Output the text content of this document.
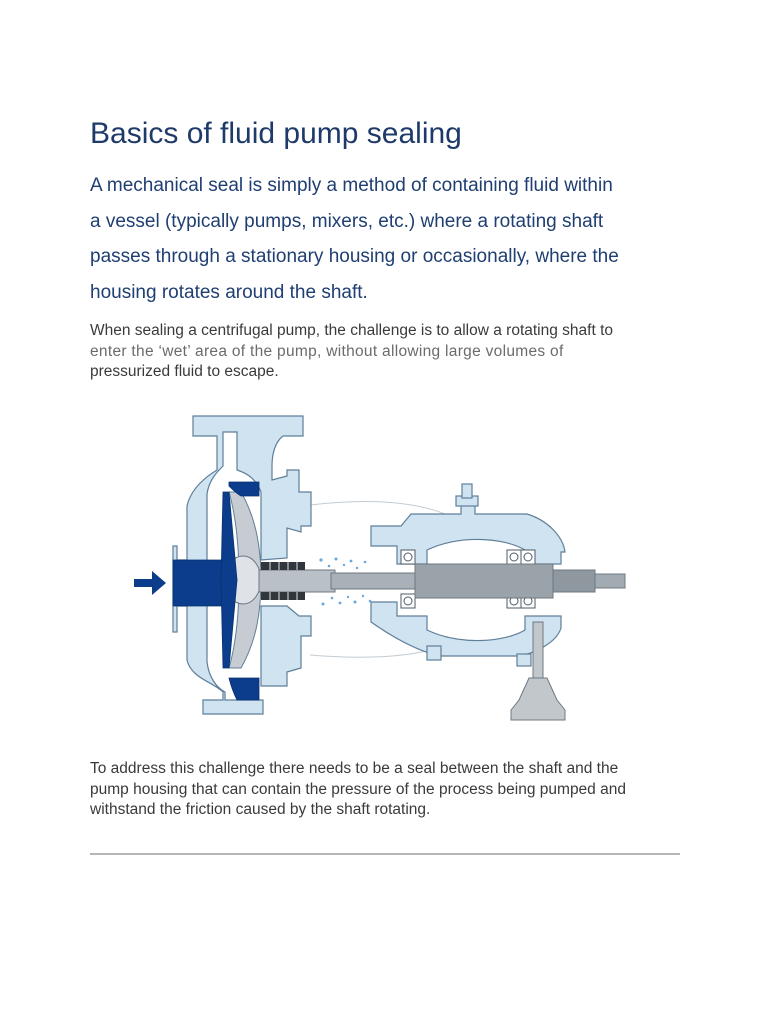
Basics of fluid pump sealing

A mechanical seal is simply a method of containing fluid within
a vessel (typically pumps, mixers, etc.) where a rotating shaft
passes through a stationary housing or occasionally, where the
housing rotates around the shaft.

When sealing a centrifugal pump, the challenge is to allow a rotating shaft to
enter the ‘wet’ area of the pump, without allowing large volumes of
pressurized fluid to escape.

To address this challenge there needs to be a seal between the shaft and the
pump housing that can contain the pressure of the process being pumped and
withstand the friction caused by the shaft rotating.
